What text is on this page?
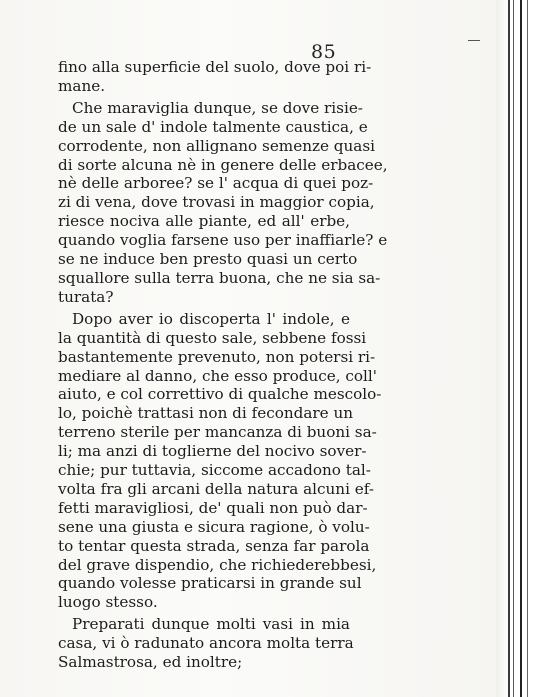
85
fino alla superficie del suolo, dove poi ri-
mane.
Che maraviglia dunque, se dove risie-
de un sale d' indole talmente caustica, e
corrodente, non allignano semenze quasi
di sorte alcuna nè in genere delle erbacee,
nè delle arboree? se l' acqua di quei poz-
zi di vena, dove trovasi in maggior copia,
riesce nociva alle piante, ed all' erbe,
quando voglia farsene uso per inaffiarle? e
se ne induce ben presto quasi un certo
squallore sulla terra buona, che ne sia sa-
turata?
Dopo aver io discoperta l' indole, e
la quantità di questo sale, sebbene fossi
bastantemente prevenuto, non potersi ri-
mediare al danno, che esso produce, coll'
aiuto, e col correttivo di qualche mescolo-
lo, poichè trattasi non di fecondare un
terreno sterile per mancanza di buoni sa-
li; ma anzi di toglierne del nocivo sover-
chie; pur tuttavia, siccome accadono tal-
volta fra gli arcani della natura alcuni ef-
fetti maravigliosi, de' quali non può dar-
sene una giusta e sicura ragione, ò volu-
to tentar questa strada, senza far parola
del grave dispendio, che richiederebbesi,
quando volesse praticarsi in grande sul
luogo stesso.
Preparati dunque molti vasi in mia
casa, vi ò radunato ancora molta terra
Salmastrosa, ed inoltre;
